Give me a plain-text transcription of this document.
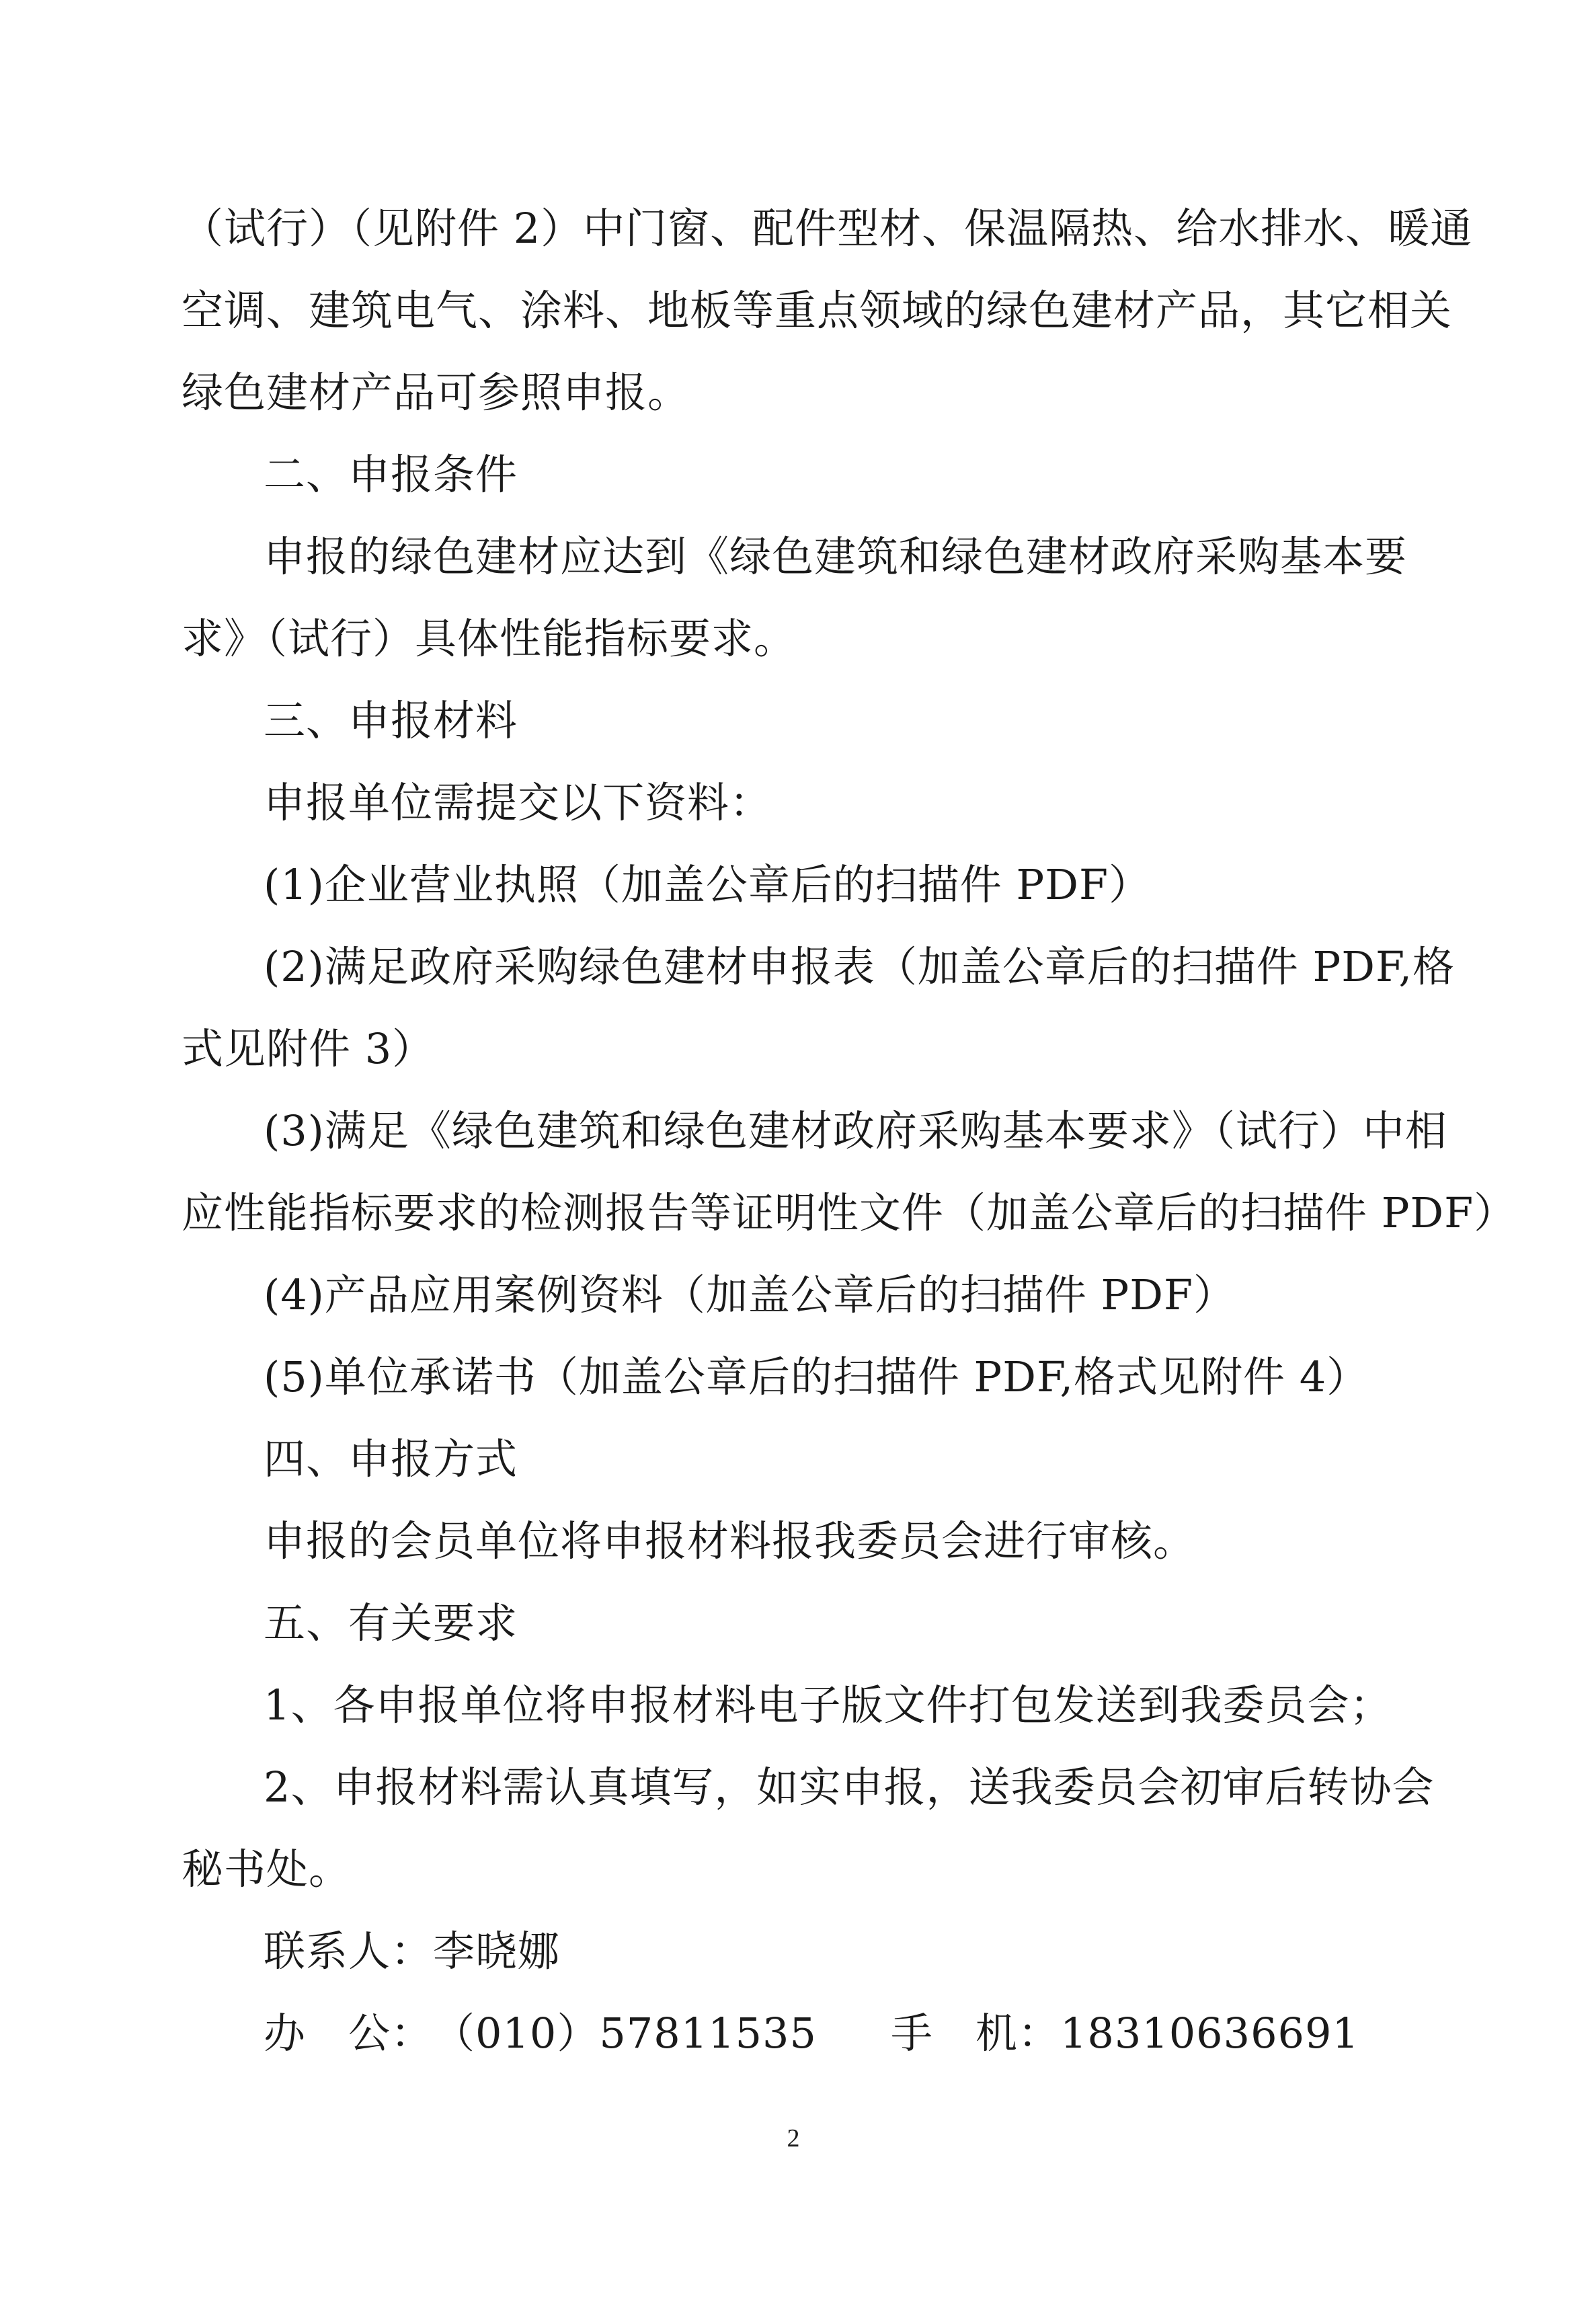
（试行）（见附件 2）中门窗、配件型材、保温隔热、给水排水、暖通
空调、建筑电气、涂料、地板等重点领域的绿色建材产品，其它相关
绿色建材产品可参照申报。
二、申报条件
申报的绿色建材应达到《绿色建筑和绿色建材政府采购基本要
求》（试行）具体性能指标要求。
三、申报材料
申报单位需提交以下资料：
(1)企业营业执照（加盖公章后的扫描件 PDF）
(2)满足政府采购绿色建材申报表（加盖公章后的扫描件 PDF,格
式见附件 3）
(3)满足《绿色建筑和绿色建材政府采购基本要求》（试行）中相
应性能指标要求的检测报告等证明性文件（加盖公章后的扫描件 PDF）
(4)产品应用案例资料（加盖公章后的扫描件 PDF）
(5)单位承诺书（加盖公章后的扫描件 PDF,格式见附件 4）
四、申报方式
申报的会员单位将申报材料报我委员会进行审核。
五、有关要求
1、各申报单位将申报材料电子版文件打包发送到我委员会；
2、申报材料需认真填写，如实申报，送我委员会初审后转协会
秘书处。
联系人：李晓娜
办　公：（010）57811535 手　机：18310636691
2
